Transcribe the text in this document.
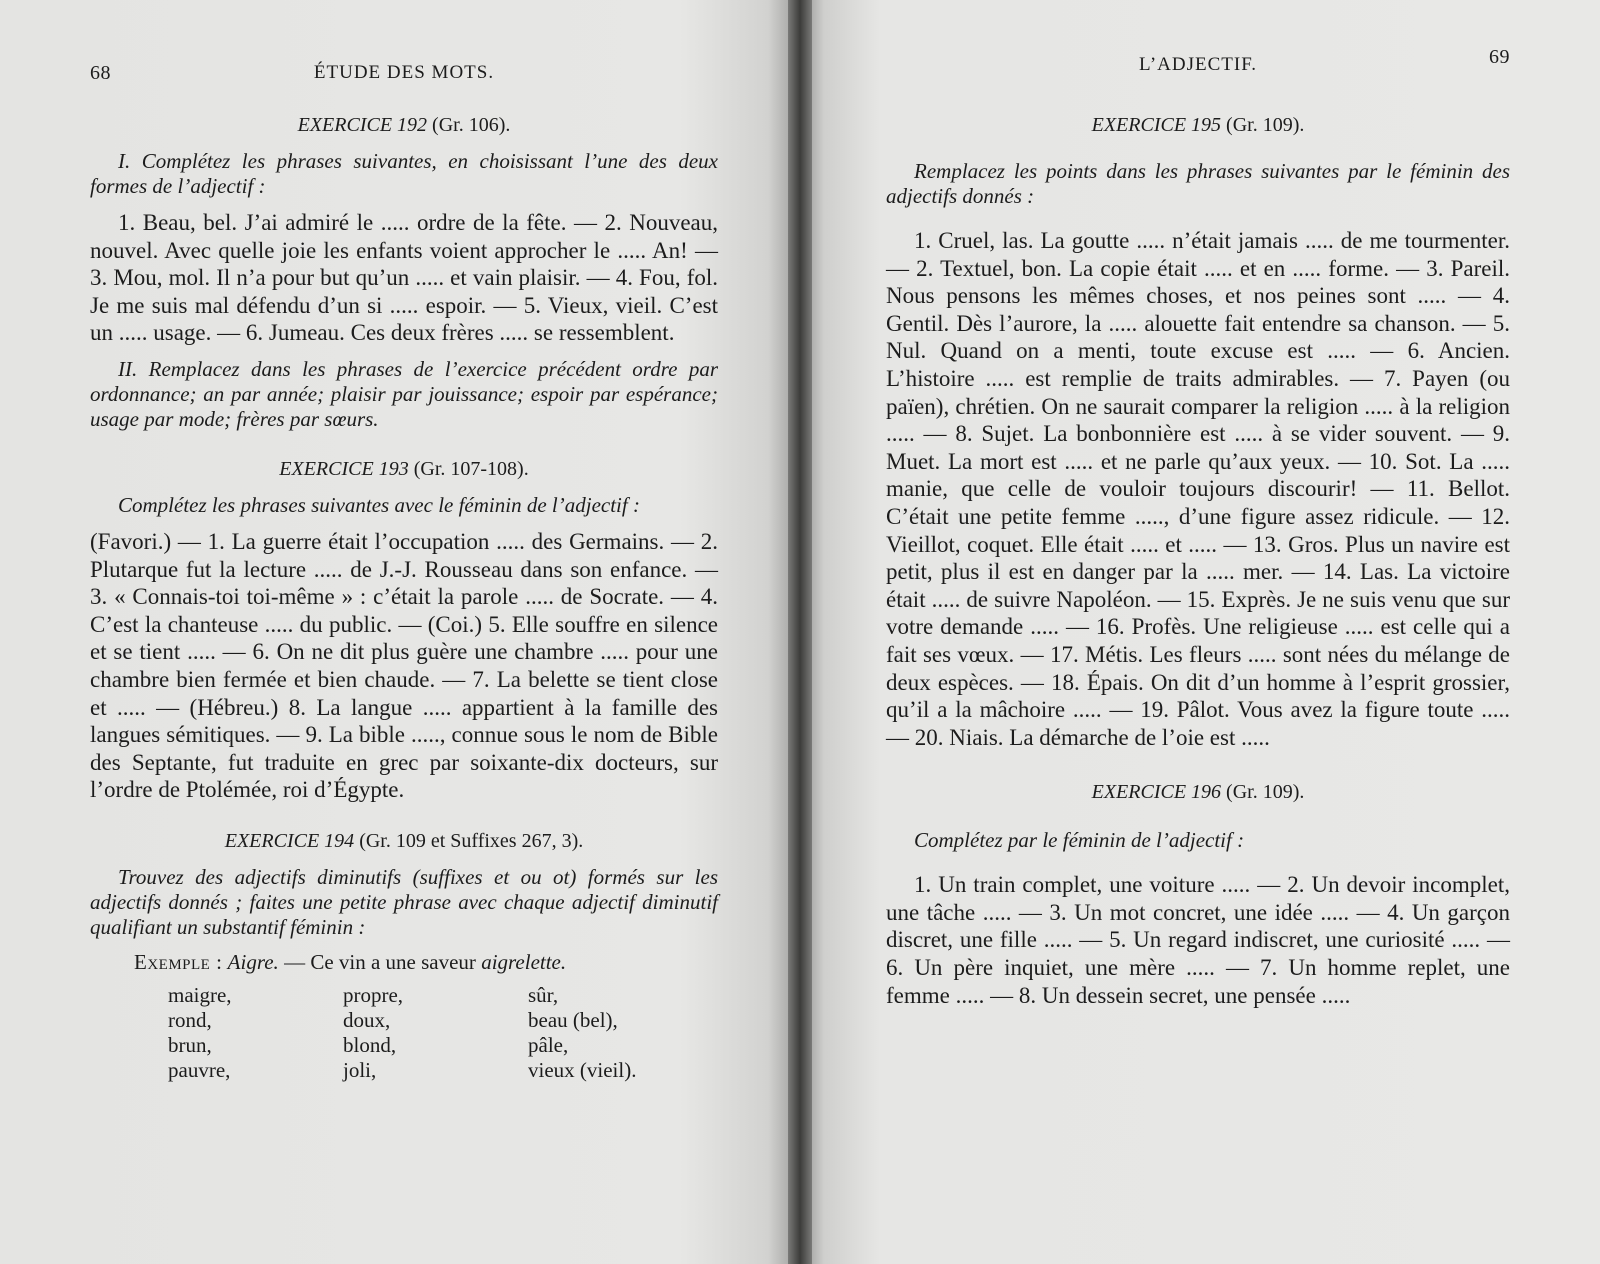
68	ÉTUDE DES MOTS.
EXERCICE 192 (Gr. 106).

I. Complétez les phrases suivantes, en choisissant l’une des deux formes de l’adjectif :

1. Beau, bel. J’ai admiré le ..... ordre de la fête. — 2. Nouveau, nouvel. Avec quelle joie les enfants voient approcher le ..... An! — 3. Mou, mol. Il n’a pour but qu’un ..... et vain plaisir. — 4. Fou, fol. Je me suis mal défendu d’un si ..... espoir. — 5. Vieux, vieil. C’est un ..... usage. — 6. Jumeau. Ces deux frères ..... se ressemblent.

II. Remplacez dans les phrases de l’exercice précédent ordre par ordonnance; an par année; plaisir par jouissance; espoir par espérance; usage par mode; frères par sœurs.

EXERCICE 193 (Gr. 107-108).

Complétez les phrases suivantes avec le féminin de l’adjectif :

(Favori.) — 1. La guerre était l’occupation ..... des Germains. — 2. Plutarque fut la lecture ..... de J.-J. Rousseau dans son enfance. — 3. « Connais-toi toi-même » : c’était la parole ..... de Socrate. — 4. C’est la chanteuse ..... du public. — (Coi.) 5. Elle souffre en silence et se tient ..... — 6. On ne dit plus guère une chambre ..... pour une chambre bien fermée et bien chaude. — 7. La belette se tient close et ..... — (Hébreu.) 8. La langue ..... appartient à la famille des langues sémitiques. — 9. La bible ....., connue sous le nom de Bible des Septante, fut traduite en grec par soixante-dix docteurs, sur l’ordre de Ptolémée, roi d’Égypte.

EXERCICE 194 (Gr. 109 et Suffixes 267, 3).

Trouvez des adjectifs diminutifs (suffixes et ou ot) formés sur les adjectifs donnés ; faites une petite phrase avec chaque adjectif diminutif qualifiant un substantif féminin :

Exemple : Aigre. — Ce vin a une saveur aigrelette.
maigre,	propre,	sûr,
rond,	doux,	beau (bel),
brun,	blond,	pâle,
pauvre,	joli,	vieux (vieil).
L’ADJECTIF.	69
EXERCICE 195 (Gr. 109).

Remplacez les points dans les phrases suivantes par le féminin des adjectifs donnés :

1. Cruel, las. La goutte ..... n’était jamais ..... de me tourmenter. — 2. Textuel, bon. La copie était ..... et en ..... forme. — 3. Pareil. Nous pensons les mêmes choses, et nos peines sont ..... — 4. Gentil. Dès l’aurore, la ..... alouette fait entendre sa chanson. — 5. Nul. Quand on a menti, toute excuse est ..... — 6. Ancien. L’histoire ..... est remplie de traits admirables. — 7. Payen (ou païen), chrétien. On ne saurait comparer la religion ..... à la religion ..... — 8. Sujet. La bonbonnière est ..... à se vider souvent. — 9. Muet. La mort est ..... et ne parle qu’aux yeux. — 10. Sot. La ..... manie, que celle de vouloir toujours discourir! — 11. Bellot. C’était une petite femme ....., d’une figure assez ridicule. — 12. Vieillot, coquet. Elle était ..... et ..... — 13. Gros. Plus un navire est petit, plus il est en danger par la ..... mer. — 14. Las. La victoire était ..... de suivre Napoléon. — 15. Exprès. Je ne suis venu que sur votre demande ..... — 16. Profès. Une religieuse ..... est celle qui a fait ses vœux. — 17. Métis. Les fleurs ..... sont nées du mélange de deux espèces. — 18. Épais. On dit d’un homme à l’esprit grossier, qu’il a la mâchoire ..... — 19. Pâlot. Vous avez la figure toute ..... — 20. Niais. La démarche de l’oie est .....

EXERCICE 196 (Gr. 109).

Complétez par le féminin de l’adjectif :

1. Un train complet, une voiture ..... — 2. Un devoir incomplet, une tâche ..... — 3. Un mot concret, une idée ..... — 4. Un garçon discret, une fille ..... — 5. Un regard indiscret, une curiosité ..... — 6. Un père inquiet, une mère ..... — 7. Un homme replet, une femme ..... — 8. Un dessein secret, une pensée .....
